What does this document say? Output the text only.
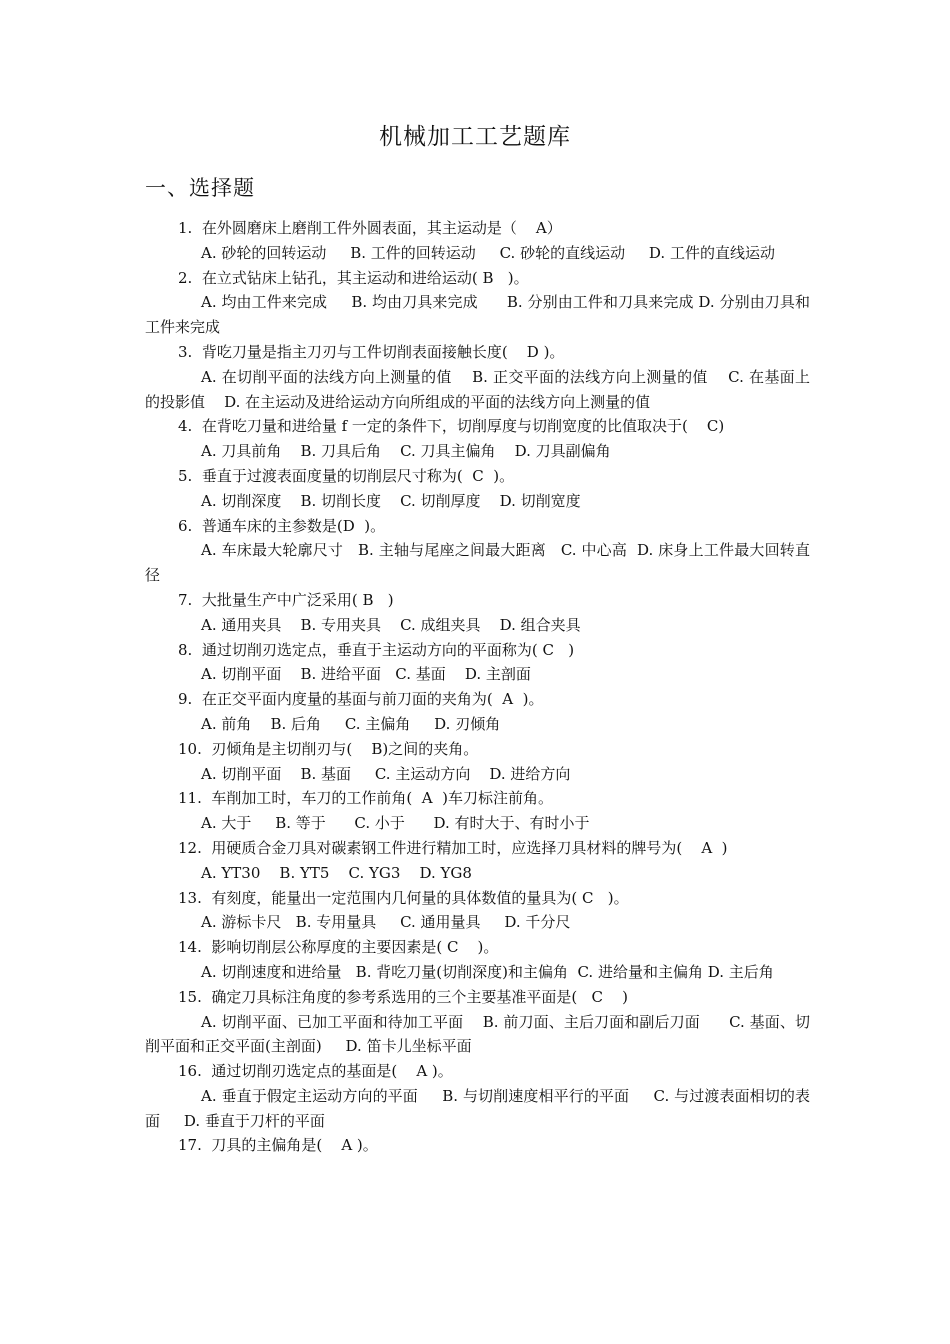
机械加工工艺题库
一、选择题

1.  在外圆磨床上磨削工件外圆表面，其主运动是（    A）

A. 砂轮的回转运动     B. 工件的回转运动     C. 砂轮的直线运动     D. 工件的直线运动

2.  在立式钻床上钻孔，其主运动和进给运动( B   )。

A. 均由工件来完成     B. 均由刀具来完成      B. 分别由工件和刀具来完成 D. 分别由刀具和工件来完成

3.  背吃刀量是指主刀刃与工件切削表面接触长度(    D )。

A. 在切削平面的法线方向上测量的值    B. 正交平面的法线方向上测量的值    C. 在基面上的投影值    D. 在主运动及进给运动方向所组成的平面的法线方向上测量的值

4.  在背吃刀量和进给量 f 一定的条件下，切削厚度与切削宽度的比值取决于(    C)

A. 刀具前角    B. 刀具后角    C. 刀具主偏角    D. 刀具副偏角

5.  垂直于过渡表面度量的切削层尺寸称为(  C  )。

A. 切削深度    B. 切削长度    C. 切削厚度    D. 切削宽度

6.  普通车床的主参数是(D  )。

A. 车床最大轮廓尺寸   B. 主轴与尾座之间最大距离   C. 中心高  D. 床身上工件最大回转直径

7.  大批量生产中广泛采用( B   )

A. 通用夹具    B. 专用夹具    C. 成组夹具    D. 组合夹具

8.  通过切削刃选定点，垂直于主运动方向的平面称为( C   )

A. 切削平面    B. 进给平面   C. 基面    D. 主剖面

9.  在正交平面内度量的基面与前刀面的夹角为(  A  )。

A. 前角    B. 后角     C. 主偏角     D. 刃倾角

10.  刃倾角是主切削刃与(    B)之间的夹角。

A. 切削平面    B. 基面     C. 主运动方向    D. 进给方向

11.  车削加工时，车刀的工作前角(  A  )车刀标注前角。

A. 大于     B. 等于      C. 小于      D. 有时大于、有时小于

12.  用硬质合金刀具对碳素钢工件进行精加工时，应选择刀具材料的牌号为(    A  )

A. YT30    B. YT5    C. YG3    D. YG8

13.  有刻度，能量出一定范围内几何量的具体数值的量具为( C   )。

A. 游标卡尺   B. 专用量具     C. 通用量具     D. 千分尺

14.  影响切削层公称厚度的主要因素是( C    )。

A. 切削速度和进给量   B. 背吃刀量(切削深度)和主偏角  C. 进给量和主偏角 D. 主后角

15.  确定刀具标注角度的参考系选用的三个主要基准平面是(   C    )

A. 切削平面、已加工平面和待加工平面    B. 前刀面、主后刀面和副后刀面      C. 基面、切削平面和正交平面(主剖面)     D. 笛卡儿坐标平面

16.  通过切削刃选定点的基面是(    A )。

A. 垂直于假定主运动方向的平面     B. 与切削速度相平行的平面     C. 与过渡表面相切的表面     D. 垂直于刀杆的平面

17.  刀具的主偏角是(    A )。
